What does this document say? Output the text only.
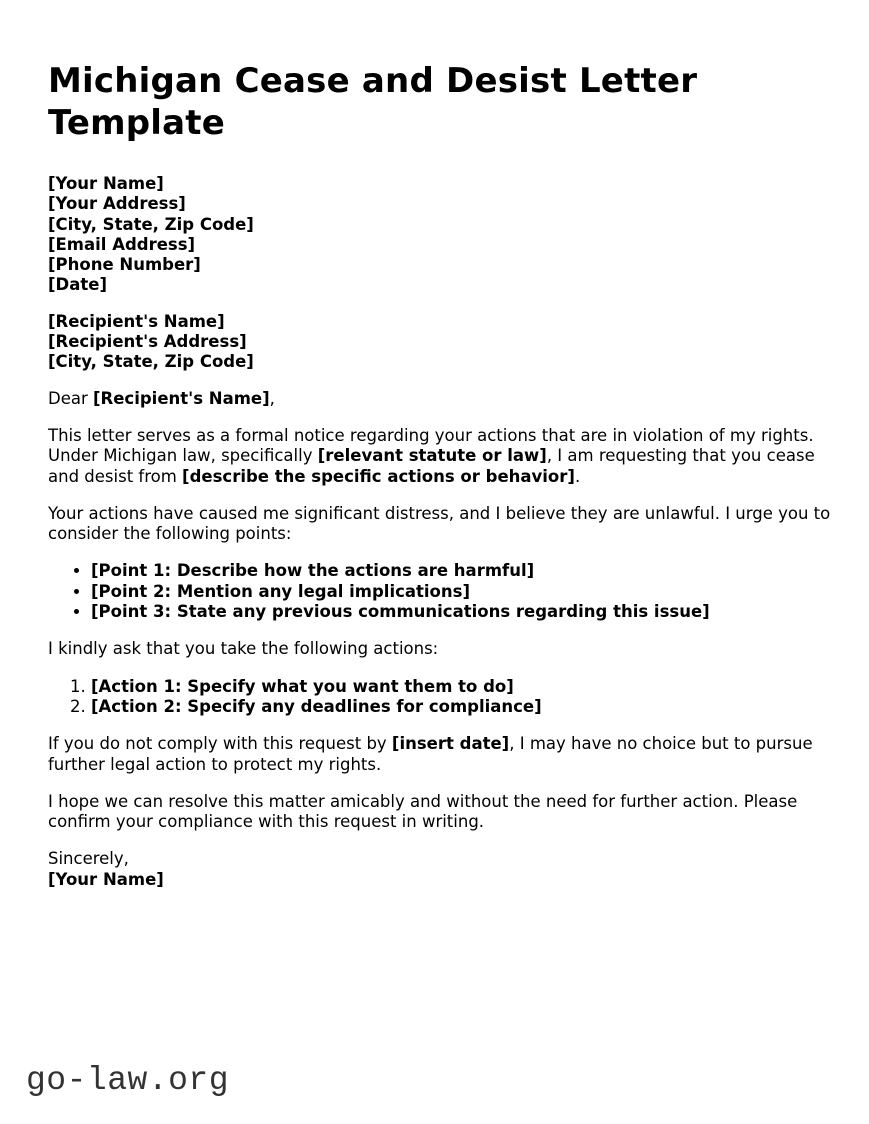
Michigan Cease and Desist Letter Template
[Your Name]
[Your Address]
[City, State, Zip Code]
[Email Address]
[Phone Number]
[Date]
[Recipient's Name]
[Recipient's Address]
[City, State, Zip Code]

Dear [Recipient's Name],

This letter serves as a formal notice regarding your actions that are in violation of my rights. Under Michigan law, specifically [relevant statute or law], I am requesting that you cease and desist from [describe the specific actions or behavior].

Your actions have caused me significant distress, and I believe they are unlawful. I urge you to consider the following points:

• [Point 1: Describe how the actions are harmful]
• [Point 2: Mention any legal implications]
• [Point 3: State any previous communications regarding this issue]

I kindly ask that you take the following actions:

1. [Action 1: Specify what you want them to do]
2. [Action 2: Specify any deadlines for compliance]

If you do not comply with this request by [insert date], I may have no choice but to pursue further legal action to protect my rights.

I hope we can resolve this matter amicably and without the need for further action. Please confirm your compliance with this request in writing.

Sincerely,
[Your Name]
go-law.org
